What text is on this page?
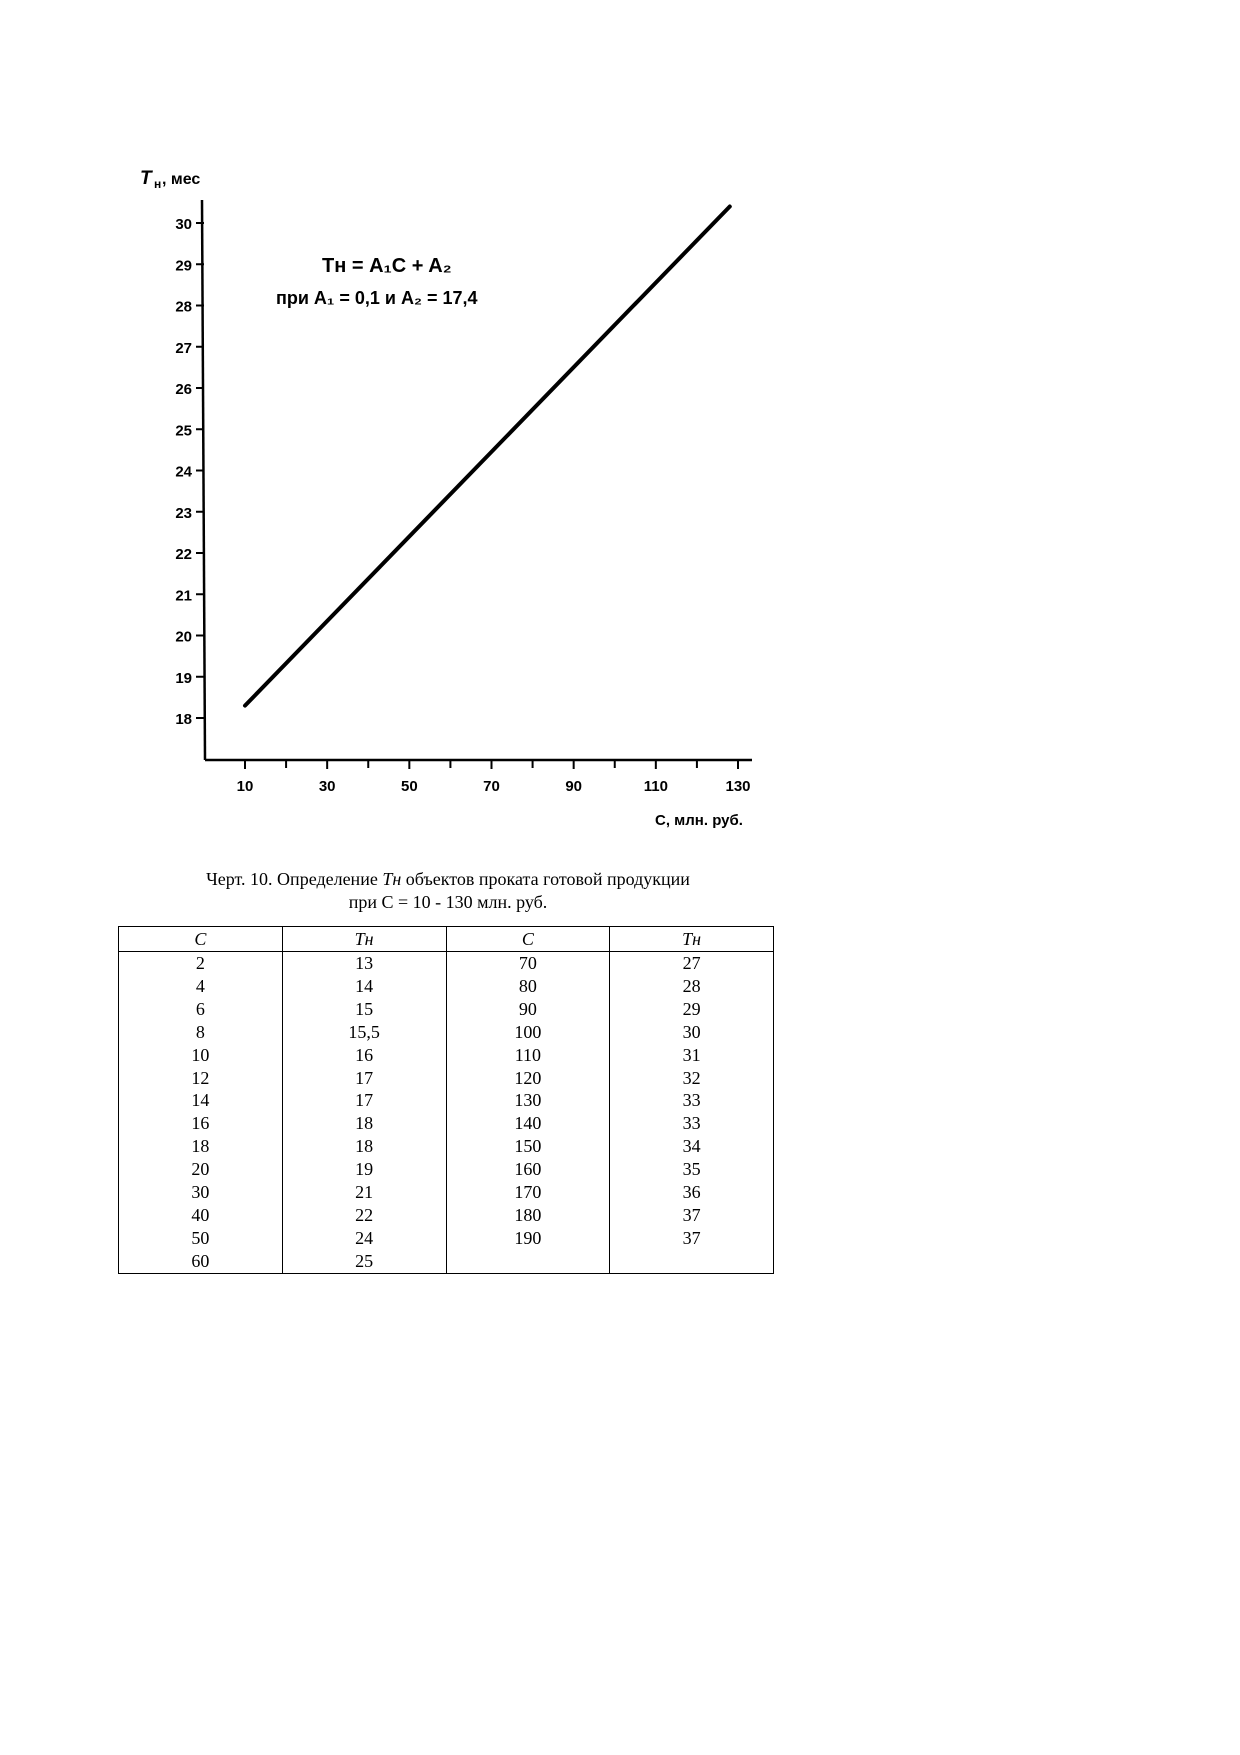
T н , мес
18
19
20
21
22
23
24
25
26
27
28
29
30
10	30	50	70	90	110	130
Tн = A₁C + A₂
при A₁ = 0,1 и A₂ = 17,4
С, млн. руб.
Черт. 10. Определение Tн объектов проката готовой продукции
при C = 10 - 130 млн. руб.
C	Tн	C	Tн
2	13	70	27
4	14	80	28
6	15	90	29
8	15,5	100	30
10	16	110	31
12	17	120	32
14	17	130	33
16	18	140	33
18	18	150	34
20	19	160	35
30	21	170	36
40	22	180	37
50	24	190	37
60	25		
